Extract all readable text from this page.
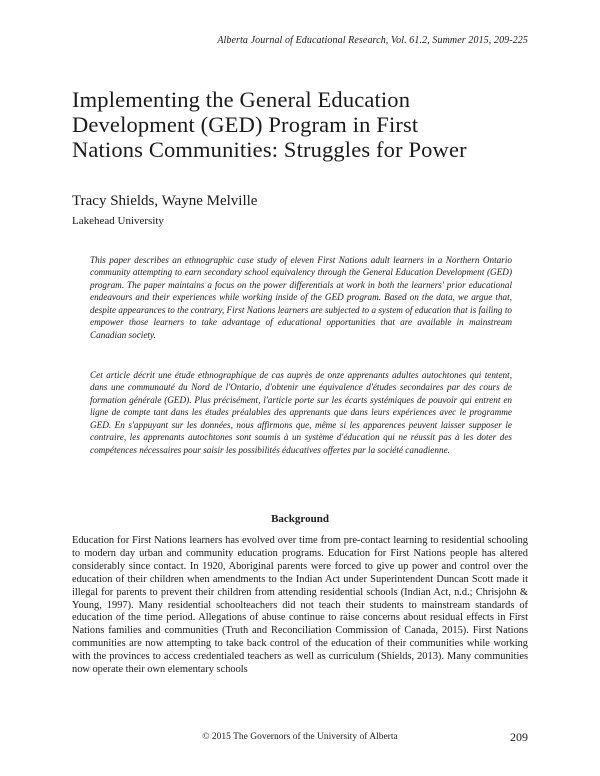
Alberta Journal of Educational Research, Vol. 61.2, Summer 2015, 209-225
Implementing the General Education
Development (GED) Program in First
Nations Communities: Struggles for Power
Tracy Shields, Wayne Melville
Lakehead University

This paper describes an ethnographic case study of eleven First Nations adult learners in a Northern Ontario community attempting to earn secondary school equivalency through the General Education Development (GED) program. The paper maintains a focus on the power differentials at work in both the learners' prior educational endeavours and their experiences while working inside of the GED program. Based on the data, we argue that, despite appearances to the contrary, First Nations learners are subjected to a system of education that is failing to empower those learners to take advantage of educational opportunities that are available in mainstream Canadian society.

Cet article décrit une étude ethnographique de cas auprès de onze apprenants adultes autochtones qui tentent, dans une communauté du Nord de l'Ontario, d'obtenir une équivalence d'études secondaires par des cours de formation générale (GED). Plus précisément, l'article porte sur les écarts systémiques de pouvoir qui entrent en ligne de compte tant dans les études préalables des apprenants que dans leurs expériences avec le programme GED. En s'appuyant sur les données, nous affirmons que, même si les apparences peuvent laisser supposer le contraire, les apprenants autochtones sont soumis à un système d'éducation qui ne réussit pas à les doter des compétences nécessaires pour saisir les possibilités éducatives offertes par la société canadienne.

Background

Education for First Nations learners has evolved over time from pre-contact learning to residential schooling to modern day urban and community education programs. Education for First Nations people has altered considerably since contact. In 1920, Aboriginal parents were forced to give up power and control over the education of their children when amendments to the Indian Act under Superintendent Duncan Scott made it illegal for parents to prevent their children from attending residential schools (Indian Act, n.d.; Chrisjohn & Young, 1997). Many residential schoolteachers did not teach their students to mainstream standards of education of the time period. Allegations of abuse continue to raise concerns about residual effects in First Nations families and communities (Truth and Reconciliation Commission of Canada, 2015). First Nations communities are now attempting to take back control of the education of their communities while working with the provinces to access credentialed teachers as well as curriculum (Shields, 2013). Many communities now operate their own elementary schools

© 2015 The Governors of the University of Alberta	209
